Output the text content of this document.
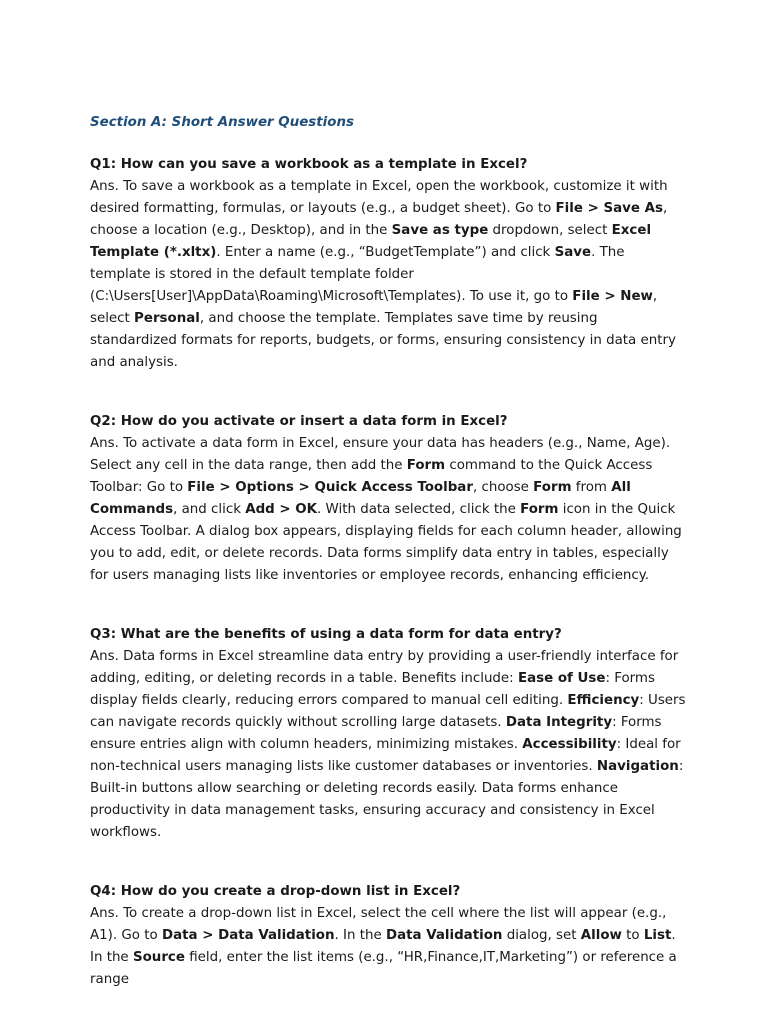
Section A: Short Answer Questions

Q1: How can you save a workbook as a template in Excel?

Ans. To save a workbook as a template in Excel, open the workbook, customize it with desired formatting, formulas, or layouts (e.g., a budget sheet). Go to File > Save As, choose a location (e.g., Desktop), and in the Save as type dropdown, select Excel Template (*.xltx). Enter a name (e.g., “BudgetTemplate”) and click Save. The template is stored in the default template folder (C:\Users[User]\AppData\Roaming\Microsoft\Templates). To use it, go to File > New, select Personal, and choose the template. Templates save time by reusing standardized formats for reports, budgets, or forms, ensuring consistency in data entry and analysis.

Q2: How do you activate or insert a data form in Excel?

Ans. To activate a data form in Excel, ensure your data has headers (e.g., Name, Age). Select any cell in the data range, then add the Form command to the Quick Access Toolbar: Go to File > Options > Quick Access Toolbar, choose Form from All Commands, and click Add > OK. With data selected, click the Form icon in the Quick Access Toolbar. A dialog box appears, displaying fields for each column header, allowing you to add, edit, or delete records. Data forms simplify data entry in tables, especially for users managing lists like inventories or employee records, enhancing efficiency.

Q3: What are the benefits of using a data form for data entry?

Ans. Data forms in Excel streamline data entry by providing a user-friendly interface for adding, editing, or deleting records in a table. Benefits include: Ease of Use: Forms display fields clearly, reducing errors compared to manual cell editing. Efficiency: Users can navigate records quickly without scrolling large datasets. Data Integrity: Forms ensure entries align with column headers, minimizing mistakes. Accessibility: Ideal for non-technical users managing lists like customer databases or inventories. Navigation: Built-in buttons allow searching or deleting records easily. Data forms enhance productivity in data management tasks, ensuring accuracy and consistency in Excel workflows.

Q4: How do you create a drop-down list in Excel?

Ans. To create a drop-down list in Excel, select the cell where the list will appear (e.g., A1). Go to Data > Data Validation. In the Data Validation dialog, set Allow to List. In the Source field, enter the list items (e.g., “HR,Finance,IT,Marketing”) or reference a range
